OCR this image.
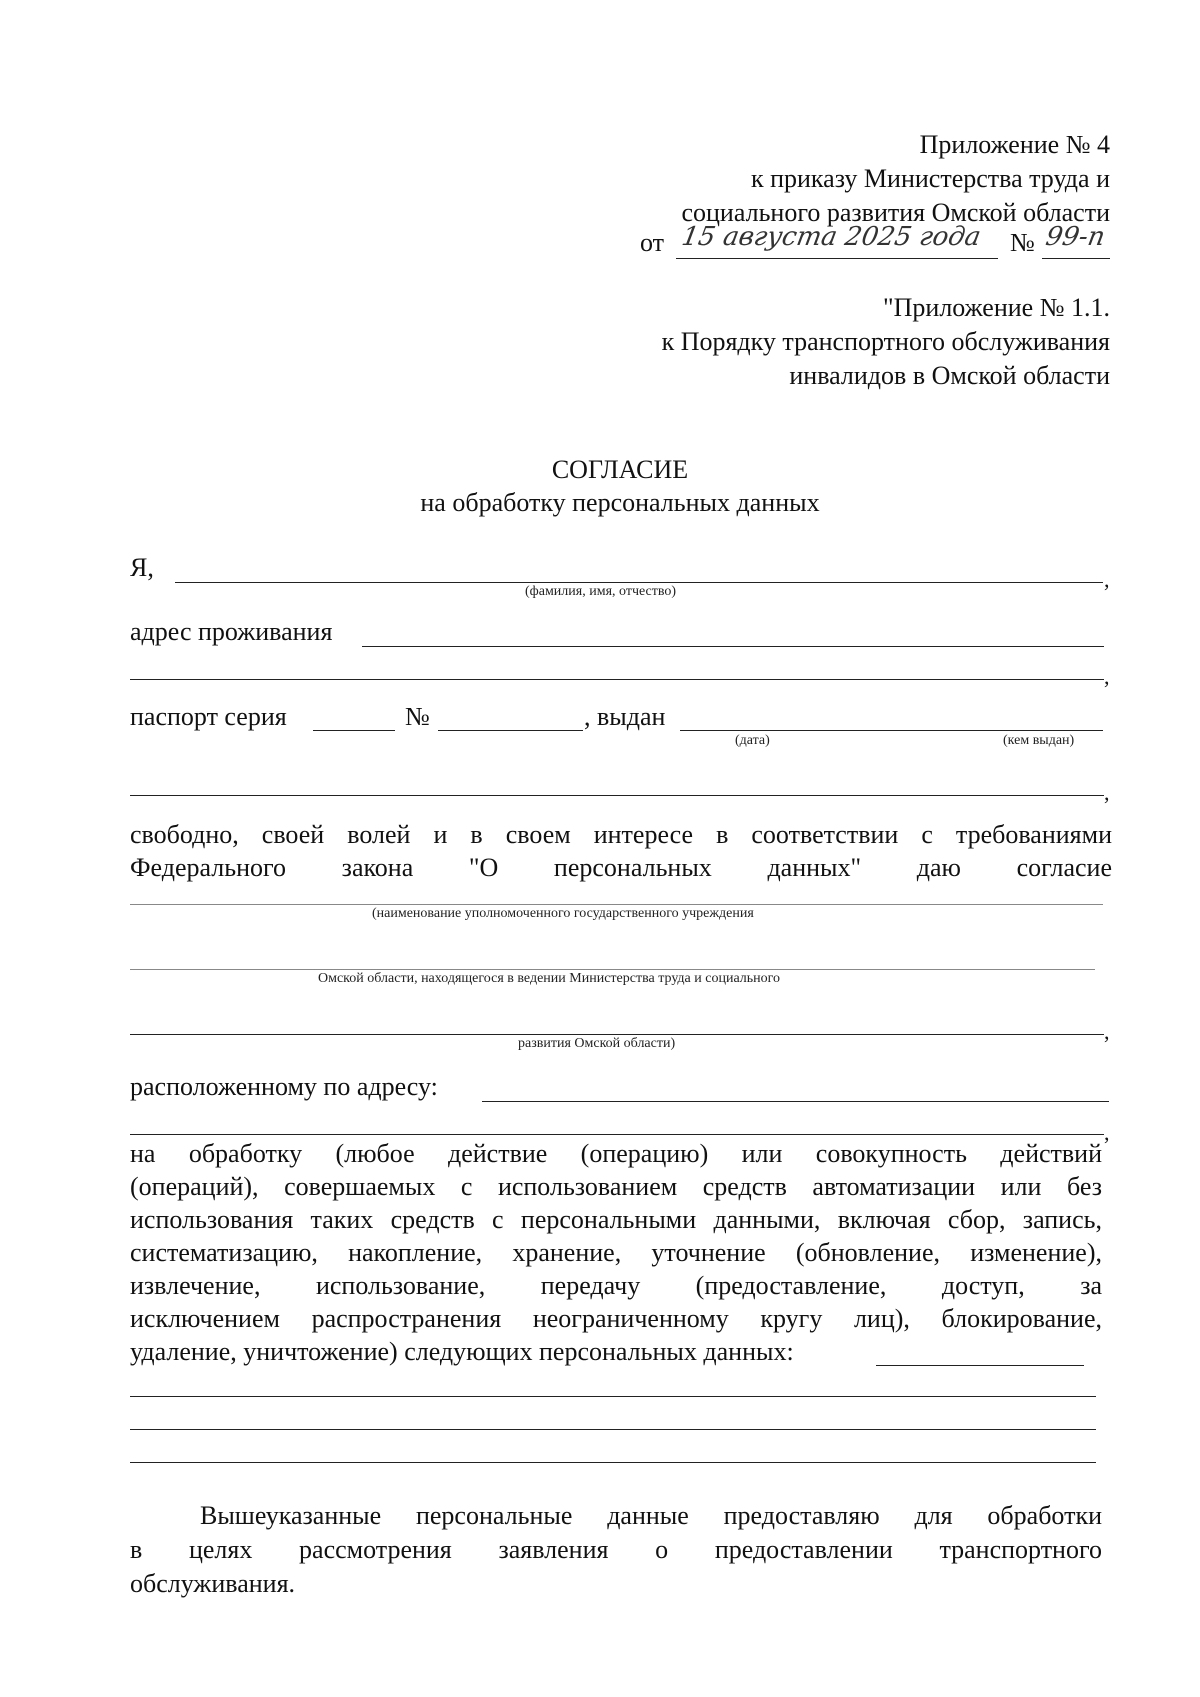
Приложение № 4
к приказу Министерства труда и
социального развития Омской области
от 15 августа 2025 года № 99-п
"Приложение № 1.1.
к Порядку транспортного обслуживания
инвалидов в Омской области
СОГЛАСИЕ
на обработку персональных данных
Я,	,
(фамилия, имя, отчество)
адрес проживания
,
паспорт серия	№	, выдан
(дата)	(кем выдан)
,
свободно, своей волей и в своем интересе в соответствии с требованиями
Федерального закона "О персональных данных" даю согласие
(наименование уполномоченного государственного учреждения
Омской области, находящегося в ведении Министерства труда и социального
,
развития Омской области)
расположенному по адресу:
,
на обработку (любое действие (операцию) или совокупность действий
(операций), совершаемых с использованием средств автоматизации или без
использования таких средств с персональными данными, включая сбор, запись,
систематизацию, накопление, хранение, уточнение (обновление, изменение),
извлечение, использование, передачу (предоставление, доступ, за
исключением распространения неограниченному кругу лиц), блокирование,
удаление, уничтожение) следующих персональных данных:
Вышеуказанные персональные данные предоставляю для обработки
в целях рассмотрения заявления о предоставлении транспортного
обслуживания.
